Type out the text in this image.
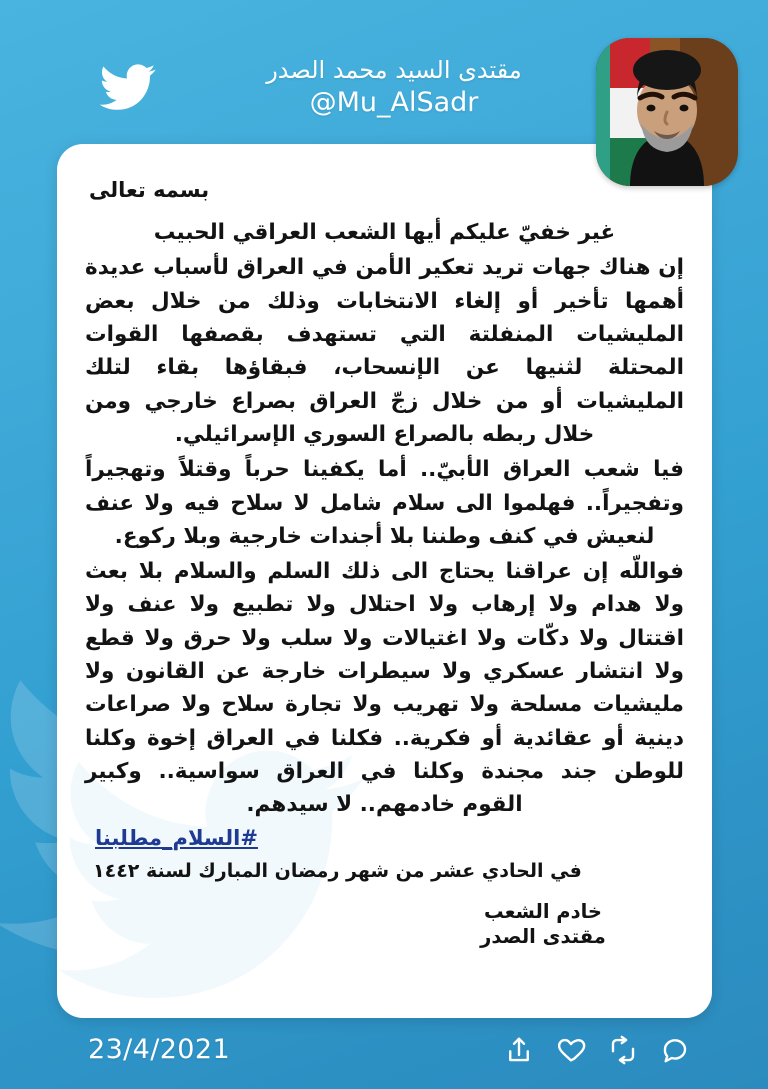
مقتدى السيد محمد الصدر
@Mu_AlSadr
بسمه تعالى
غير خفيّ عليكم أيها الشعب العراقي الحبيب
إن هناك جهات تريد تعكير الأمن في العراق لأسباب عديدة أهمها تأخير أو إلغاء الانتخابات وذلك من خلال بعض المليشيات المنفلتة التي تستهدف بقصفها القوات المحتلة لثنيها عن الإنسحاب، فبقاؤها بقاء لتلك المليشيات أو من خلال زجّ العراق بصراع خارجي ومن خلال ربطه بالصراع السوري الإسرائيلي.
فيا شعب العراق الأبيّ.. أما يكفينا حرباً وقتلاً وتهجيراً وتفجيراً.. فهلموا الى سلام شامل لا سلاح فيه ولا عنف لنعيش في كنف وطننا بلا أجندات خارجية وبلا ركوع.
فواللّه إن عراقنا يحتاج الى ذلك السلم والسلام بلا بعث ولا هدام ولا إرهاب ولا احتلال ولا تطبيع ولا عنف ولا اقتتال ولا دكّات ولا اغتيالات ولا سلب ولا حرق ولا قطع ولا انتشار عسكري ولا سيطرات خارجة عن القانون ولا مليشيات مسلحة ولا تهريب ولا تجارة سلاح ولا صراعات دينية أو عقائدية أو فكرية.. فكلنا في العراق إخوة وكلنا للوطن جند مجندة وكلنا في العراق سواسية.. وكبير القوم خادمهم.. لا سيدهم.
#السلام_مطلبنا
في الحادي عشر من شهر رمضان المبارك لسنة ١٤٤٢
خادم الشعب
مقتدى الصدر
23/4/2021
